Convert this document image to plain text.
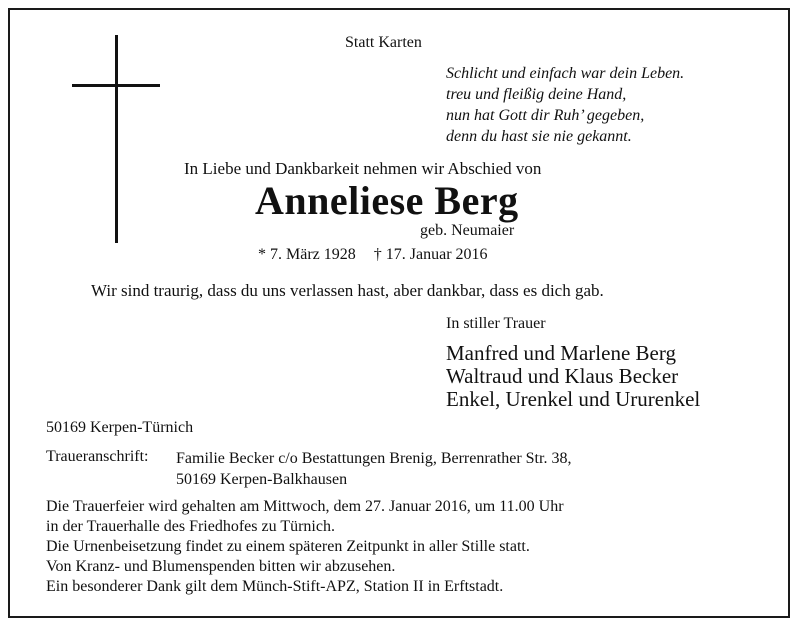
Statt Karten
Schlicht und einfach war dein Leben.
treu und fleißig deine Hand,
nun hat Gott dir Ruh’ gegeben,
denn du hast sie nie gekannt.
In Liebe und Dankbarkeit nehmen wir Abschied von
Anneliese Berg
geb. Neumaier
* 7. März 1928 † 17. Januar 2016
Wir sind traurig, dass du uns verlassen hast, aber dankbar, dass es dich gab.
In stiller Trauer
Manfred und Marlene Berg
Waltraud und Klaus Becker
Enkel, Urenkel und Ururenkel
50169 Kerpen-Türnich
Traueranschrift: Familie Becker c/o Bestattungen Brenig, Berrenrather Str. 38,
50169 Kerpen-Balkhausen
Die Trauerfeier wird gehalten am Mittwoch, dem 27. Januar 2016, um 11.00 Uhr
in der Trauerhalle des Friedhofes zu Türnich.
Die Urnenbeisetzung findet zu einem späteren Zeitpunkt in aller Stille statt.
Von Kranz- und Blumenspenden bitten wir abzusehen.
Ein besonderer Dank gilt dem Münch-Stift-APZ, Station II in Erftstadt.
